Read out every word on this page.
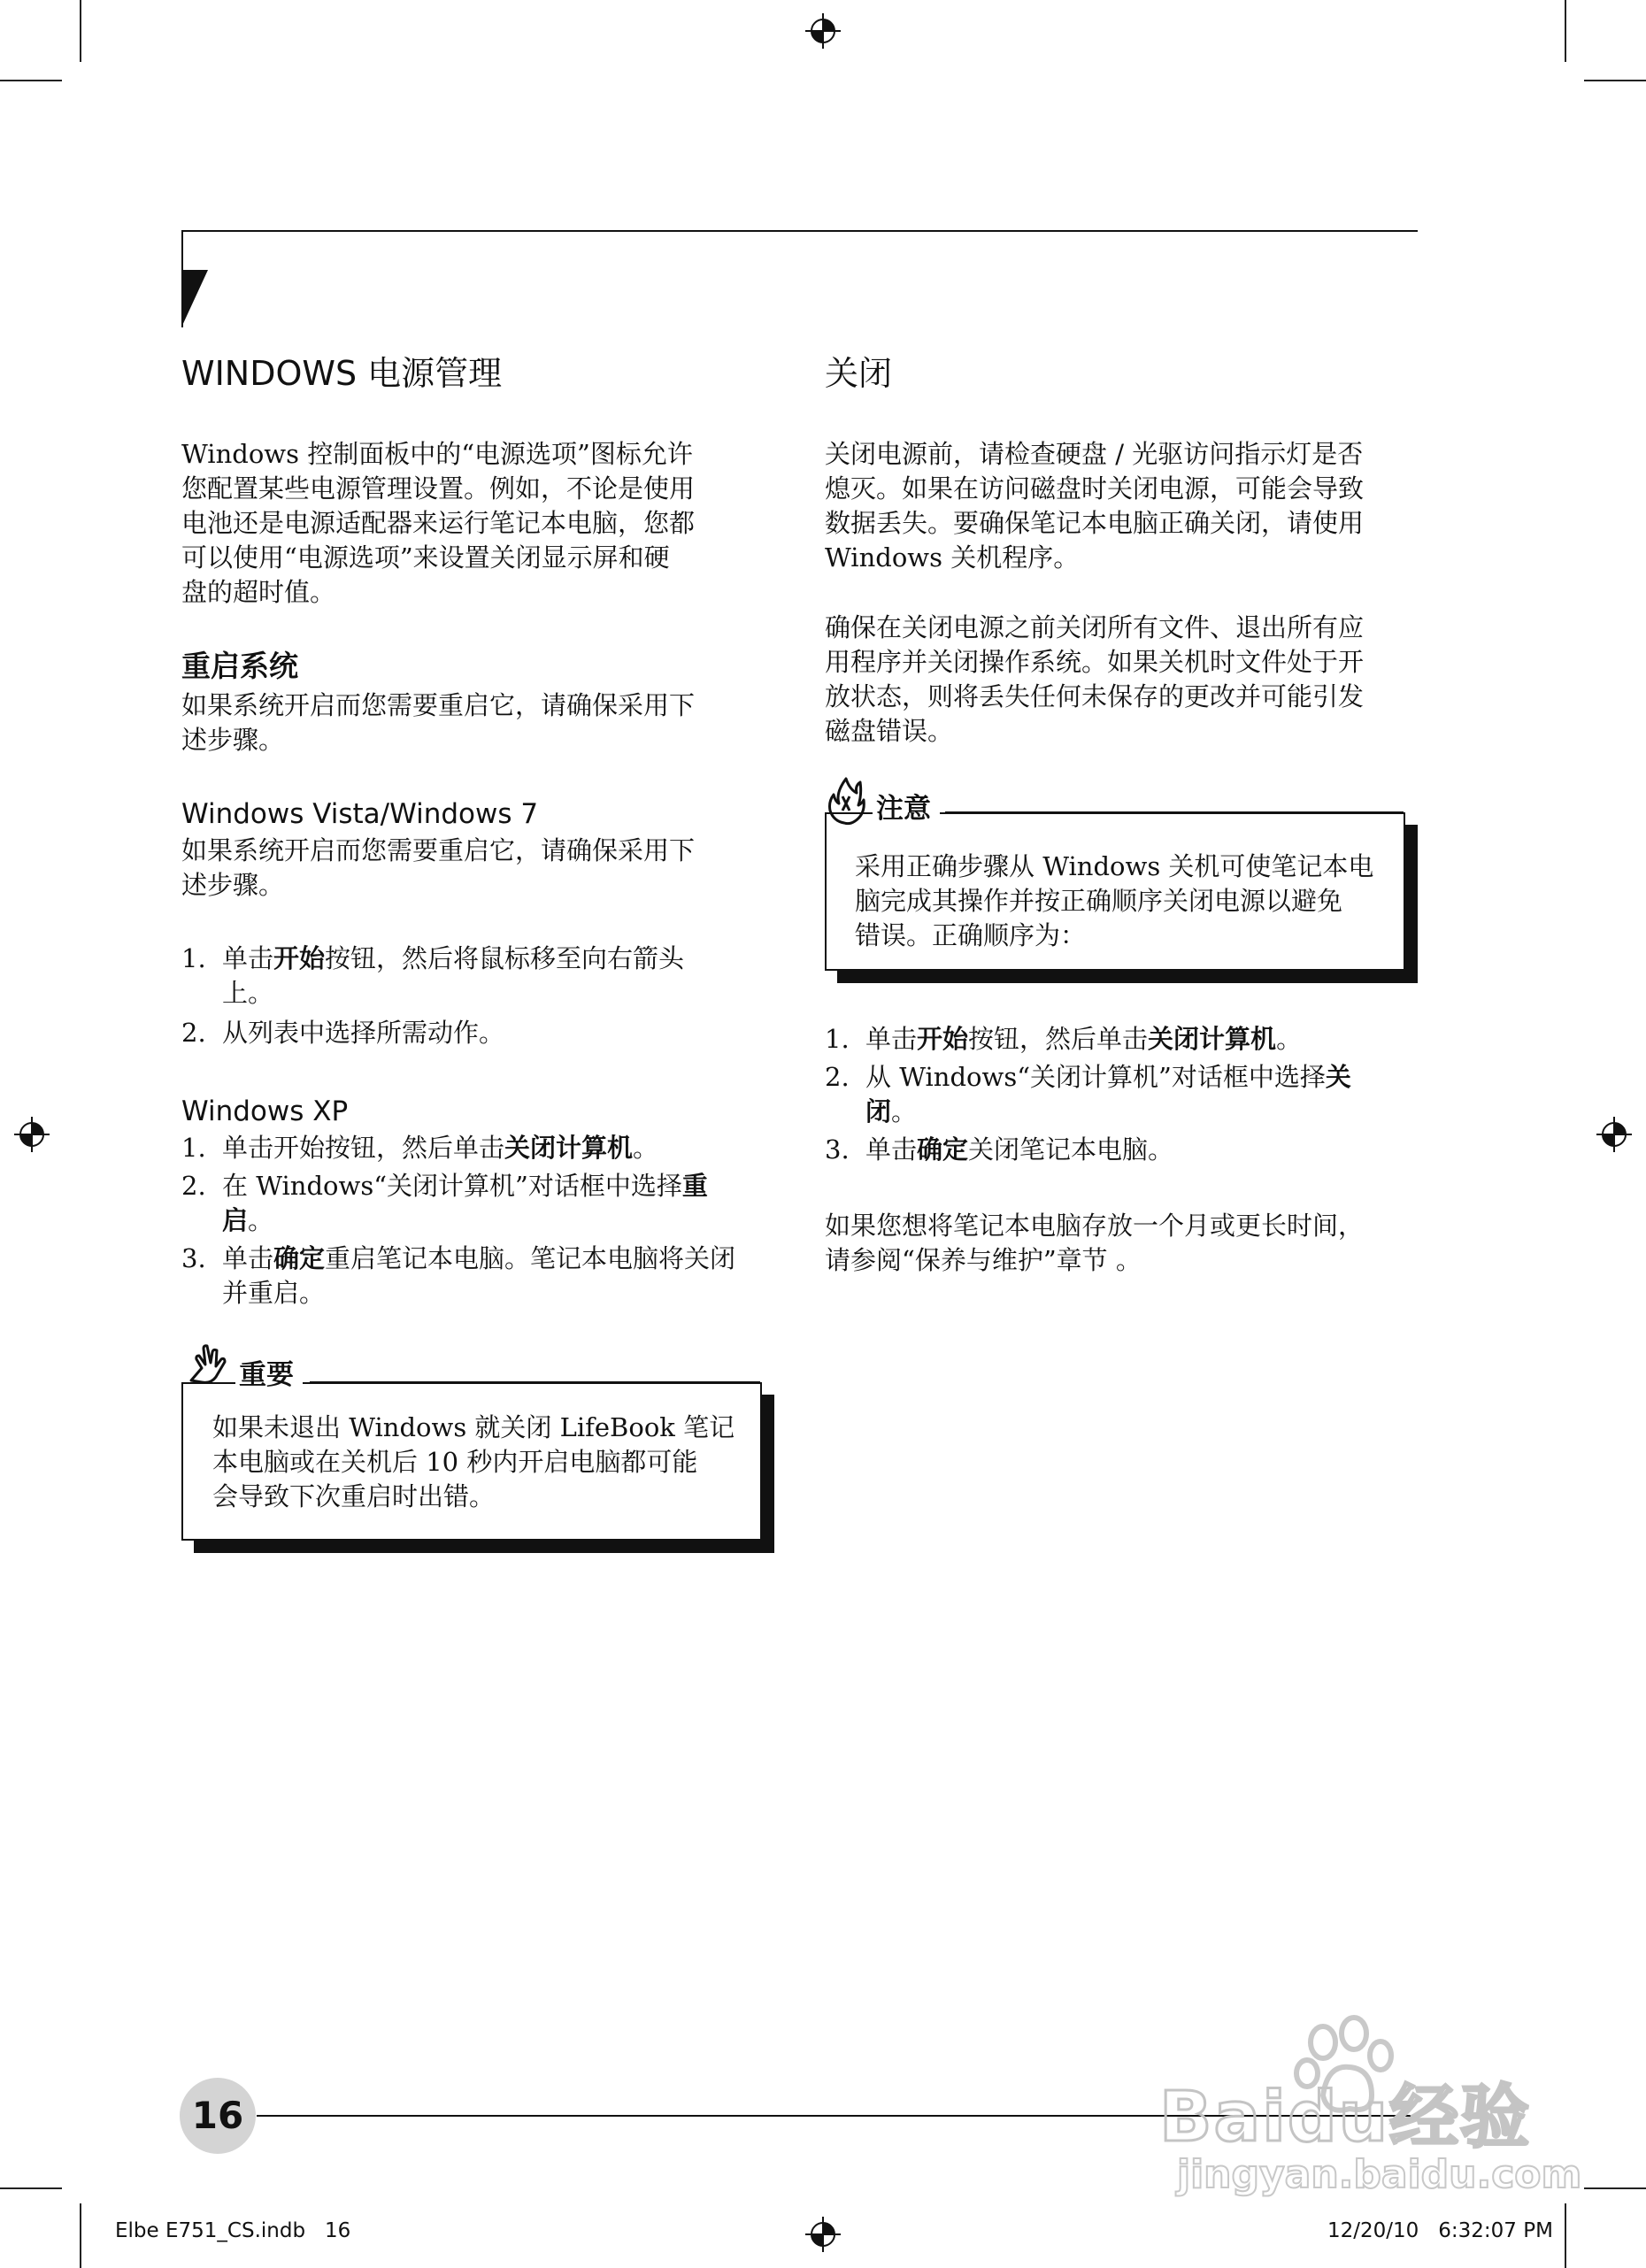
WINDOWS 电源管理

Windows 控制面板中的“电源选项”图标允许

您配置某些电源管理设置。例如，不论是使用

电池还是电源适配器来运行笔记本电脑，您都

可以使用“电源选项”来设置关闭显示屏和硬

盘的超时值。

重启系统

如果系统开启而您需要重启它，请确保采用下

述步骤。

Windows Vista/Windows 7

如果系统开启而您需要重启它，请确保采用下

述步骤。

1. 单击开始按钮，然后将鼠标移至向右箭头
上。
2. 从列表中选择所需动作。
Windows XP
1. 单击开始按钮，然后单击关闭计算机。
2. 在 Windows“关闭计算机”对话框中选择重
启。
3. 单击确定重启笔记本电脑。笔记本电脑将关闭
并重启。
如果未退出 Windows 就关闭 LifeBook 笔记
本电脑或在关机后 10 秒内开启电脑都可能
会导致下次重启时出错。
重要
关闭

关闭电源前，请检查硬盘 / 光驱访问指示灯是否

熄灭。如果在访问磁盘时关闭电源，可能会导致

数据丢失。要确保笔记本电脑正确关闭，请使用

Windows 关机程序。

确保在关闭电源之前关闭所有文件、退出所有应

用程序并关闭操作系统。如果关机时文件处于开

放状态，则将丢失任何未保存的更改并可能引发

磁盘错误。

1. 单击开始按钮，然后单击关闭计算机。
2. 从 Windows“关闭计算机”对话框中选择关
闭。
3. 单击确定关闭笔记本电脑。

如果您想将笔记本电脑存放一个月或更长时间，

请参阅“保养与维护”章节 。

采用正确步骤从 Windows 关机可使笔记本电
脑完成其操作并按正确顺序关闭电源以避免
错误。正确顺序为：
注意
16	Baidu经验
jingyan.baidu.com
Elbe E751_CS.indb   16	12/20/10   6:32:07 PM
